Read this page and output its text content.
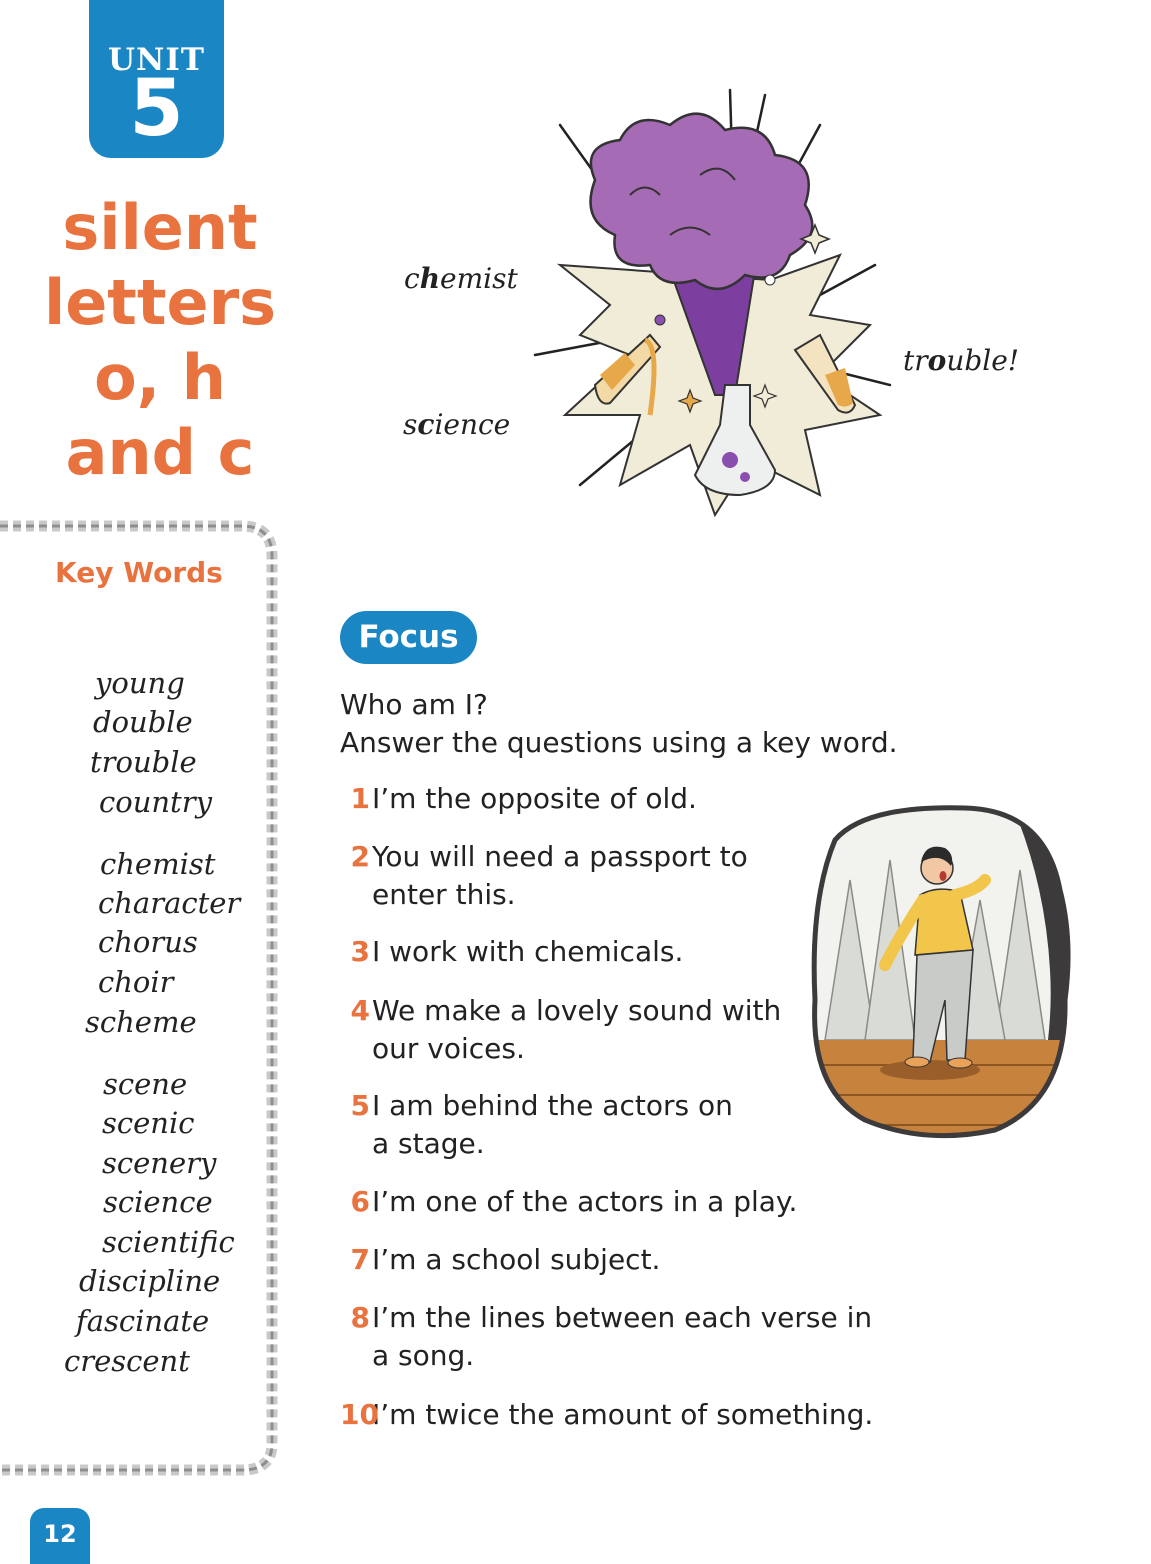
UNIT
5
silent
letters
o, h
and c
Key Words
young
double
trouble
country
chemist
character
chorus
choir
scheme
scene
scenic
scenery
science
scientific
discipline
fascinate
crescent
chemist
science
trouble!
Focus
Who am I?
Answer the questions using a key word.
1 I’m the opposite of old.
2 You will need a passport to
enter this.
3 I work with chemicals.
4 We make a lovely sound with
our voices.
5 I am behind the actors on
a stage.
6 I’m one of the actors in a play.
7 I’m a school subject.
8 I’m the lines between each verse in
a song.
10
I’m twice the amount of something.
12
